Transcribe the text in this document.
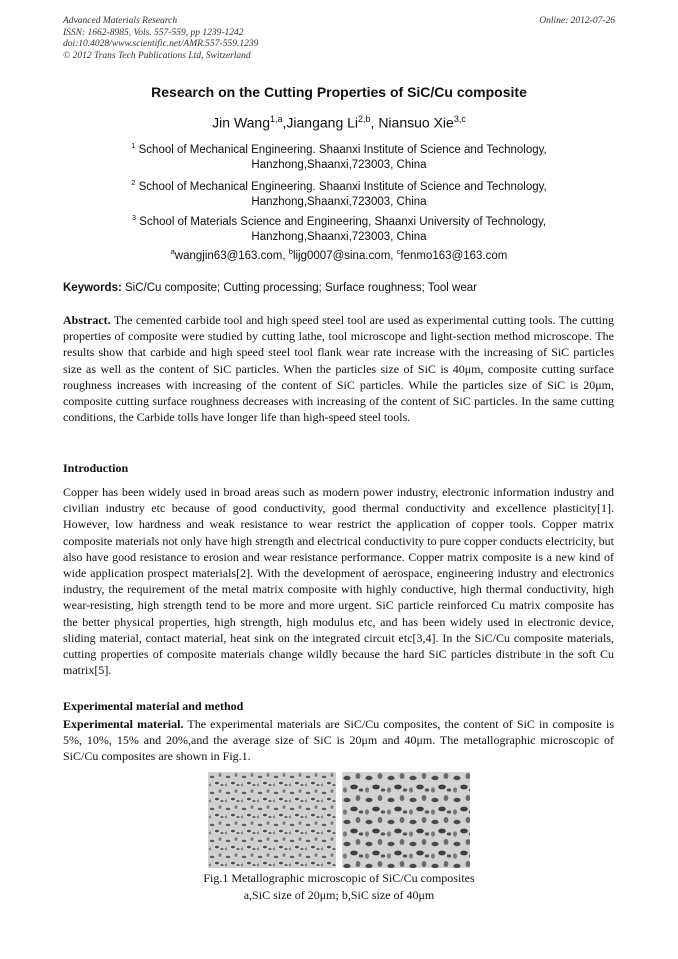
Advanced Materials Research
ISSN: 1662-8985, Vols. 557-559, pp 1239-1242
doi:10.4028/www.scientific.net/AMR.557-559.1239
© 2012 Trans Tech Publications Ltd, Switzerland
Online: 2012-07-26
Research on the Cutting Properties of SiC/Cu composite
Jin Wang$^{1,a}$,Jiangang Li$^{2,b}$, Niansuo Xie$^{3,c}$
$^1$ School of Mechanical Engineering. Shaanxi Institute of Science and Technology,
Hanzhong,Shaanxi,723003, China
$^2$ School of Mechanical Engineering. Shaanxi Institute of Science and Technology,
Hanzhong,Shaanxi,723003, China
$^3$ School of Materials Science and Engineering, Shaanxi University of Technology,
Hanzhong,Shaanxi,723003, China
$^a$wangjin63@163.com, $^b$lijg0007@sina.com, $^c$fenmo163@163.com
Keywords: SiC/Cu composite; Cutting processing; Surface roughness; Tool wear
Abstract. The cemented carbide tool and high speed steel tool are used as experimental cutting tools. The cutting properties of composite were studied by cutting lathe, tool microscope and light-section method microscope. The results show that carbide and high speed steel tool flank wear rate increase with the increasing of SiC particles size as well as the content of SiC particles. When the particles size of SiC is 40μm, composite cutting surface roughness increases with increasing of the content of SiC particles. While the particles size of SiC is 20μm, composite cutting surface roughness decreases with increasing of the content of SiC particles. In the same cutting conditions, the Carbide tolls have longer life than high-speed steel tools.
Introduction
Copper has been widely used in broad areas such as modern power industry, electronic information industry and civilian industry etc because of good conductivity, good thermal conductivity and excellence plasticity[1]. However, low hardness and weak resistance to wear restrict the application of copper tools. Copper matrix composite materials not only have high strength and electrical conductivity to pure copper conducts electricity, but also have good resistance to erosion and wear resistance performance. Copper matrix composite is a new kind of wide application prospect materials[2]. With the development of aerospace, engineering industry and electronics industry, the requirement of the metal matrix composite with highly conductive, high thermal conductivity, high wear-resisting, high strength tend to be more and more urgent. SiC particle reinforced Cu matrix composite has the better physical properties, high strength, high modulus etc, and has been widely used in electronic device, sliding material, contact material, heat sink on the integrated circuit etc[3,4]. In the SiC/Cu composite materials, cutting properties of composite materials change wildly because the hard SiC particles distribute in the soft Cu matrix[5].
Experimental material and method
Experimental material. The experimental materials are SiC/Cu composites, the content of SiC in composite is 5%, 10%, 15% and 20%,and the average size of SiC is 20μm and 40μm. The metallographic microscopic of SiC/Cu composites are shown in Fig.1.
Fig.1 Metallographic microscopic of SiC/Cu composites
a,SiC size of 20μm; b,SiC size of 40μm
